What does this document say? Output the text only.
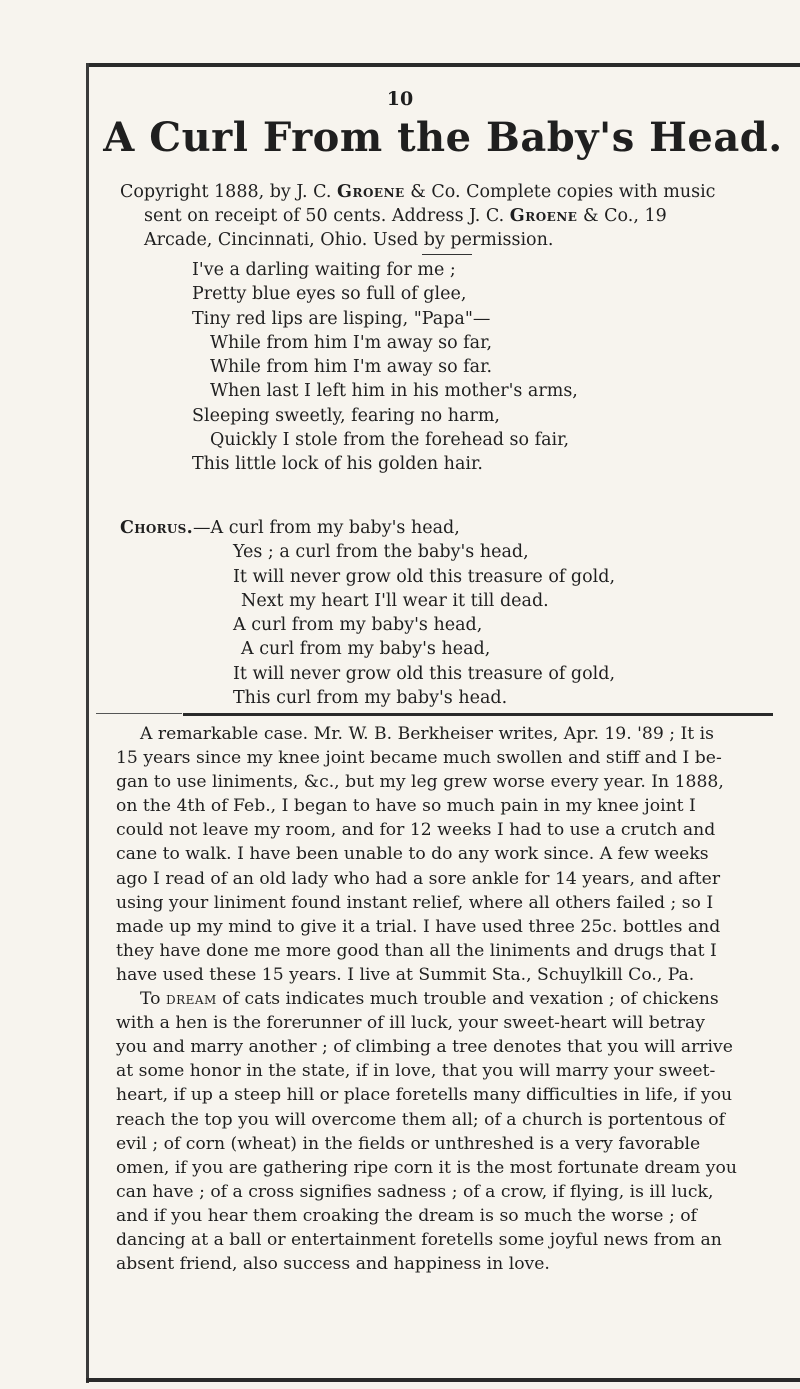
10
A Curl From the Baby's Head.
Copyright 1888, by J. C. Groene & Co. Complete copies with music
sent on receipt of 50 cents. Address J. C. Groene & Co., 19
Arcade, Cincinnati, Ohio. Used by permission.
I've a darling waiting for me ;
Pretty blue eyes so full of glee,
Tiny red lips are lisping, "Papa"—
While from him I'm away so far,
While from him I'm away so far.
When last I left him in his mother's arms,
Sleeping sweetly, fearing no harm,
Quickly I stole from the forehead so fair,
This little lock of his golden hair.
Chorus.—A curl from my baby's head,
Yes ; a curl from the baby's head,
It will never grow old this treasure of gold,
Next my heart I'll wear it till dead.
A curl from my baby's head,
A curl from my baby's head,
It will never grow old this treasure of gold,
This curl from my baby's head.
A remarkable case. Mr. W. B. Berkheiser writes, Apr. 19. '89 ; It is
15 years since my knee joint became much swollen and stiff and I be-
gan to use liniments, &c., but my leg grew worse every year. In 1888,
on the 4th of Feb., I began to have so much pain in my knee joint I
could not leave my room, and for 12 weeks I had to use a crutch and
cane to walk. I have been unable to do any work since. A few weeks
ago I read of an old lady who had a sore ankle for 14 years, and after
using your liniment found instant relief, where all others failed ; so I
made up my mind to give it a trial. I have used three 25c. bottles and
they have done me more good than all the liniments and drugs that I
have used these 15 years. I live at Summit Sta., Schuylkill Co., Pa.
To dream of cats indicates much trouble and vexation ; of chickens
with a hen is the forerunner of ill luck, your sweet-heart will betray
you and marry another ; of climbing a tree denotes that you will arrive
at some honor in the state, if in love, that you will marry your sweet-
heart, if up a steep hill or place foretells many difficulties in life, if you
reach the top you will overcome them all; of a church is portentous of
evil ; of corn (wheat) in the fields or unthreshed is a very favorable
omen, if you are gathering ripe corn it is the most fortunate dream you
can have ; of a cross signifies sadness ; of a crow, if flying, is ill luck,
and if you hear them croaking the dream is so much the worse ; of
dancing at a ball or entertainment foretells some joyful news from an
absent friend, also success and happiness in love.
